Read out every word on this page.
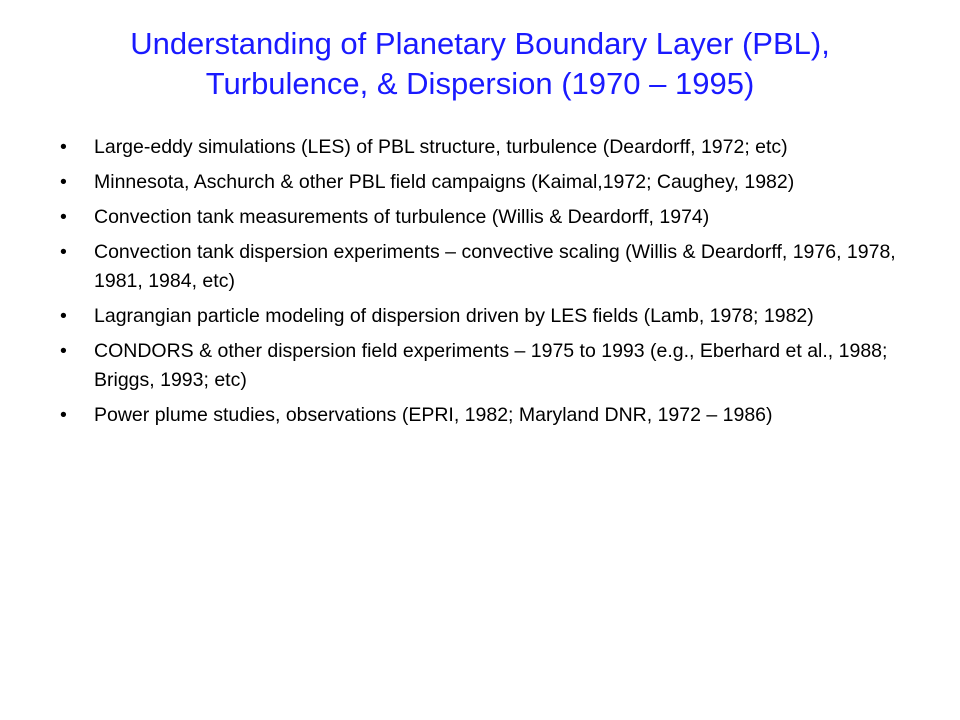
Understanding of Planetary Boundary Layer (PBL),
Turbulence, & Dispersion (1970 – 1995)
• Large-eddy simulations (LES) of PBL structure, turbulence (Deardorff, 1972; etc)
• Minnesota, Aschurch & other PBL field campaigns (Kaimal,1972; Caughey, 1982)
• Convection tank measurements of turbulence (Willis & Deardorff, 1974)
• Convection tank dispersion experiments – convective scaling (Willis & Deardorff, 1976, 1978, 1981, 1984, etc)
• Lagrangian particle modeling of dispersion driven by LES fields (Lamb, 1978; 1982)
• CONDORS & other dispersion field experiments – 1975 to 1993 (e.g., Eberhard et al., 1988; Briggs, 1993; etc)
• Power plume studies, observations (EPRI, 1982; Maryland DNR, 1972 – 1986)
